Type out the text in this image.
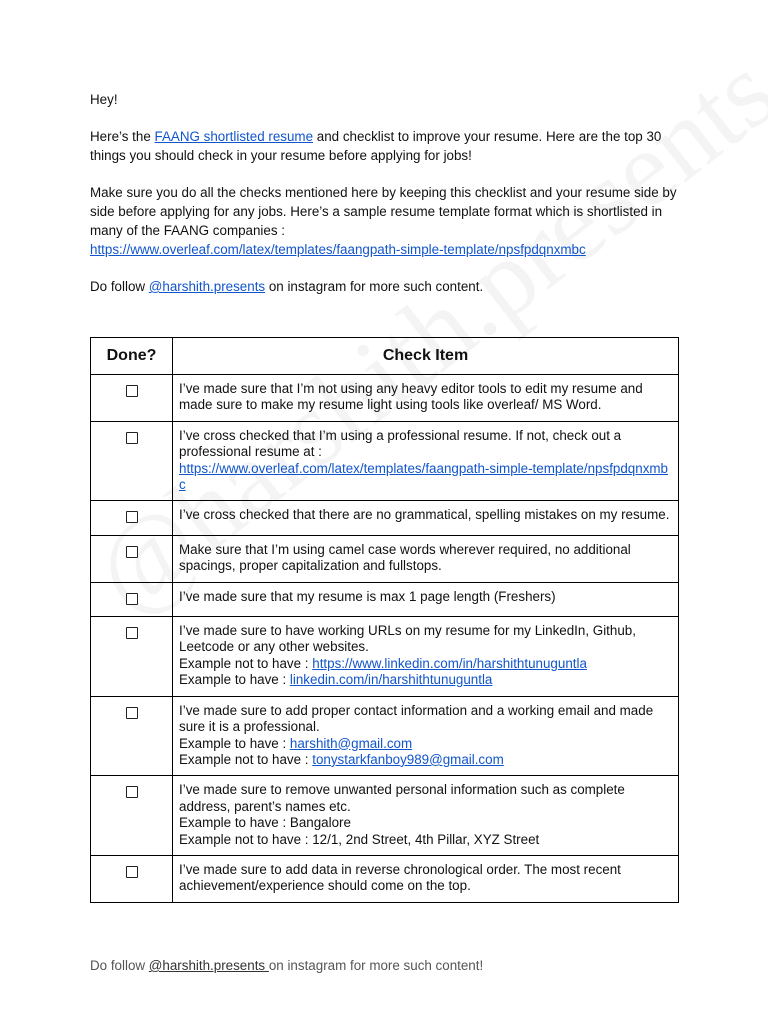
Hey!

Here’s the FAANG shortlisted resume and checklist to improve your resume. Here are the top 30 things you should check in your resume before applying for jobs!

Make sure you do all the checks mentioned here by keeping this checklist and your resume side by side before applying for any jobs. Here’s a sample resume template format which is shortlisted in many of the FAANG companies :
https://www.overleaf.com/latex/templates/faangpath-simple-template/npsfpdqnxmbc

Do follow @harshith.presents on instagram for more such content.

Done?	Check Item
	I’ve made sure that I’m not using any heavy editor tools to edit my resume and made sure to make my resume light using tools like overleaf/ MS Word.
	I’ve cross checked that I’m using a professional resume. If not, check out a professional resume at :
https://www.overleaf.com/latex/templates/faangpath-simple-template/npsfpdqnxmbc
	I’ve cross checked that there are no grammatical, spelling mistakes on my resume.
	Make sure that I’m using camel case words wherever required, no additional spacings, proper capitalization and fullstops.
	I’ve made sure that my resume is max 1 page length (Freshers)
	I’ve made sure to have working URLs on my resume for my LinkedIn, Github, Leetcode or any other websites.
Example not to have : https://www.linkedin.com/in/harshithtunuguntla
Example to have : linkedin.com/in/harshithtunuguntla
	I’ve made sure to add proper contact information and a working email and made sure it is a professional.
Example to have : harshith@gmail.com
Example not to have : tonystarkfanboy989@gmail.com
	I’ve made sure to remove unwanted personal information such as complete address, parent’s names etc.
Example to have : Bangalore
Example not to have : 12/1, 2nd Street, 4th Pillar, XYZ Street
	I’ve made sure to add data in reverse chronological order. The most recent achievement/experience should come on the top.
Do follow @harshith.presents on instagram for more such content!
